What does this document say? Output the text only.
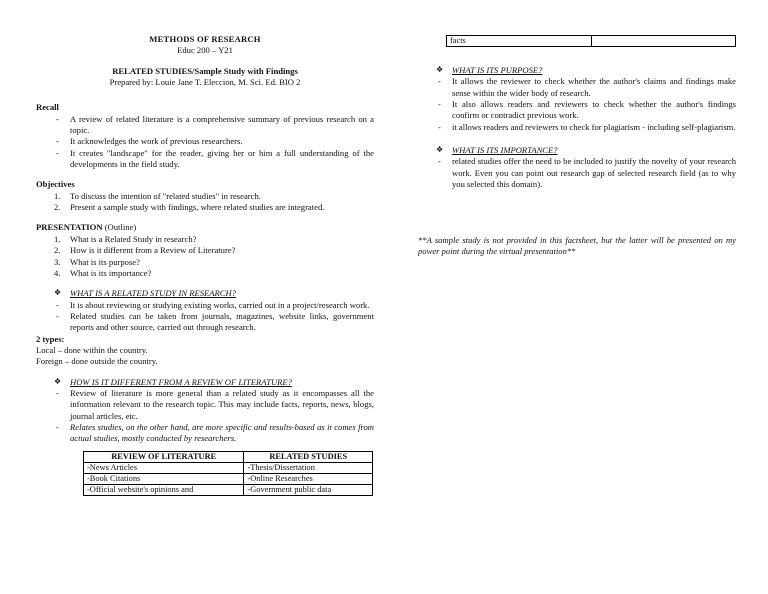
METHODS OF RESEARCH
Educ 200 – Y21
RELATED STUDIES/Sample Study with Findings
Prepared by: Louie Jane T. Eleccion, M. Sci. Ed. BIO 2
Recall
- A review of related literature is a comprehensive summary of previous research on a topic.
- It acknowledges the work of previous researchers.
- It creates "landscape" for the reader, giving her or him a full understanding of the developments in the field study.
Objectives
1. To discuss the intention of "related studies" in research.
2. Present a sample study with findings, where related studies are integrated.
PRESENTATION (Outline)
1. What is a Related Study in research?
2. How is it different from a Review of Literature?
3. What is its purpose?
4. What is its importance?
❖ WHAT IS A RELATED STUDY IN RESEARCH?
- It is about reviewing or studying existing works, carried out in a project/research work.
- Related studies can be taken from journals, magazines, website links, government reports and other source, carried out through research.
2 types:
Local – done within the country.
Foreign – done outside the country.
❖ HOW IS IT DIFFERENT FROM A REVIEW OF LITERATURE?
- Review of literature is more general than a related study as it encompasses all the information relevant to the research topic. This may include facts, reports, news, blogs, journal articles, etc.
- Relates studies, on the other hand, are more specific and results-based as it comes from actual studies, mostly conducted by researchers.
REVIEW OF LITERATURE	RELATED STUDIES
-News Articles	-Thesis/Dissertation
-Book Citations	-Online Researches
-Official website's opinions and	-Government public data
facts	
❖ WHAT IS ITS PURPOSE?
- It allows the reviewer to check whether the author's claims and findings make sense within the wider body of research.
- It also allows readers and reviewers to check whether the author's findings confirm or contradict previous work.
- it allows readers and reviewers to check for plagiarism - including self-plagiarism.
❖ WHAT IS ITS IMPORTANCE?
- related studies offer the need to be included to justify the novelty of your research work. Even you can point out research gap of selected research field (as to why you selected this domain).
**A sample study is not provided in this factsheet, but the latter will be presented on my power point during the virtual presentation**
